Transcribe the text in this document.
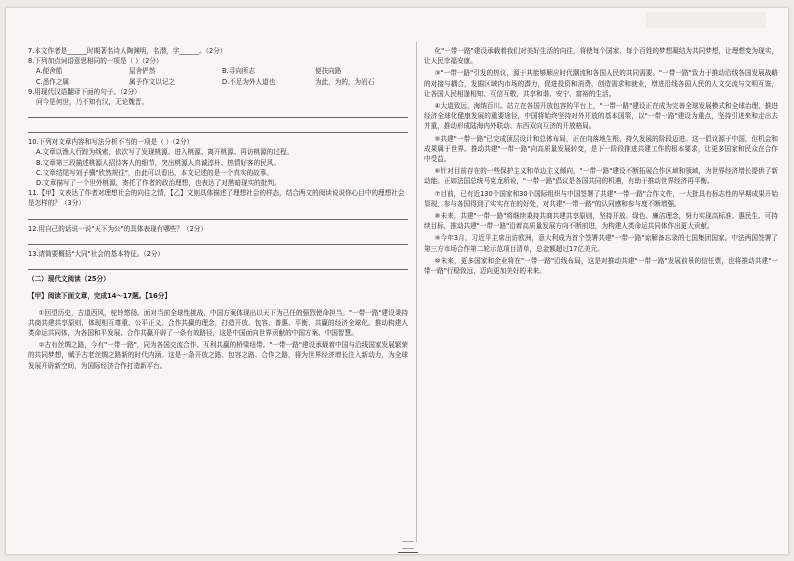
7.本文作者是______时期著名诗人陶渊明，名潜，字______。（2分）

8.下列加点词语意思相同的一项是（ ）（2分）

A.便舍船	屋舍俨然	B.寻向所志	便扶向路
C.悉作之属	属予作文以记之	D.不足为外人道也	为此，为的，为岩石

9.用现代汉语翻译下面的句子。（2分）

问今是何世，乃不知有汉，无论魏晋。

10.下列对文章内容和写法分析不当的一项是（ ）（2分）

A.文章以渔人行踪为线索，依次写了发现桃源、进入桃源、离开桃源、再访桃源的过程。

B.文章第三段描述桃源人招待客人的细节，突出桃源人真诚淳朴、热情好客的民风。

C.文章结尾写刘子骥"欣然规往"，由此可以看出，本文记述的是一个真实的故事。

D.文章描写了一个世外桃源，寄托了作者的政治理想，也表达了对黑暗现实的批判。

11.【甲】文表达了作者对理想社会的向往之情，【乙】文则具体描述了理想社会的样态，结合两文的阅读说说你心目中的理想社会是怎样的？（3分）

12.用自己的话说一说"天下为公"的具体表现有哪些？（2分）

13.请简要概括"大同"社会的基本特征。（2分）

（二）现代文阅读（25分）

【甲】阅读下面文章，完成14～17题。【16分】

①回望历史，古道西风，驼铃悠扬。面对当前全球性挑战，中国方案体现出以天下为己任的强烈使命担当。"一带一路"建设秉持共商共建共享原则，体现相互尊重、公平正义、合作共赢的理念，打造开放、包容、普惠、平衡、共赢的经济全球化。推动构建人类命运共同体，为各国和平发展、合作共赢开辟了一条有效路径，这是中国面向世界贡献的中国方案、中国智慧。

②古有丝绸之路，今有"一带一路"，同为各国交流合作、互利共赢的桥梁纽带。"一带一路"建设承载着中国与沿线国家发展繁荣的共同梦想，赋予古老丝绸之路新的时代内涵。这是一条开放之路、包容之路、合作之路，将为世界经济增长注入新动力，为全球发展开辟新空间，为国际经济合作打造新平台。

化"一带一路"建设承载着我们对美好生活的向往，将使每个国家、每个百姓的梦想凝结为共同梦想，让理想变为现实，让人民幸福安康。

③"一带一路"引发的热议，源于其能够顺应时代潮流和各国人民的共同需要。"一带一路"致力于推动沿线各国发展战略的对接与耦合，发掘区域内市场的潜力，促进投资和消费，创造需求和就业，增进沿线各国人民的人文交流与文明互鉴，让各国人民相逢相知、互信互敬，共享和谐、安宁、富裕的生活。

④大道致远，海纳百川。站立在各国开放包容的平台上，"一带一路"建设正在成为完善全球发展模式和全球治理、推进经济全球化健康发展的重要途径，中国将始终坚持对外开放的基本国策，以"一带一路"建设为重点，坚持引进来和走出去并重，推动形成陆海内外联动、东西双向互济的开放格局。

⑤共建"一带一路"已完成顶层设计和总体布局，正在向落地生根、持久发展的阶段迈进。这一倡议源于中国，但机会和成果属于世界。推动共建"一带一路"向高质量发展转变，是下一阶段推进共建工作的根本要求，让更多国家和民众在合作中受益。

⑥针对目前存在的一些保护主义和单边主义倾向，"一带一路"建设不断拓展合作区域和领域，为世界经济增长提供了新动能。正如法国总统马克龙所说，"一带一路"倡议是各国共同的机遇，有助于推动世界经济再平衡。

⑦目前，已有近130个国家和30个国际组织与中国签署了共建"一带一路"合作文件，一大批具有标志性的早期成果开始显现，参与各国得到了实实在在的好处，对共建"一带一路"的认同感和参与度不断增强。

⑧未来，共建"一带一路"将继续秉持共商共建共享原则，坚持开放、绿色、廉洁理念，努力实现高标准、惠民生、可持续目标，推动共建"一带一路"沿着高质量发展方向不断前进，为构建人类命运共同体作出更大贡献。

⑨今年3月，习近平主席出访欧洲，意大利成为首个签署共建"一带一路"谅解备忘录的七国集团国家。中法两国签署了第三方市场合作第二轮示范项目清单，总金额超过17亿美元。

⑩未来，更多国家和企业将在"一带一路"沿线布局，这是对推动共建"一带一路"发展前景的信任票，也将推动共建"一带一路"行稳致远，迈向更加美好的未来。

—— ——
